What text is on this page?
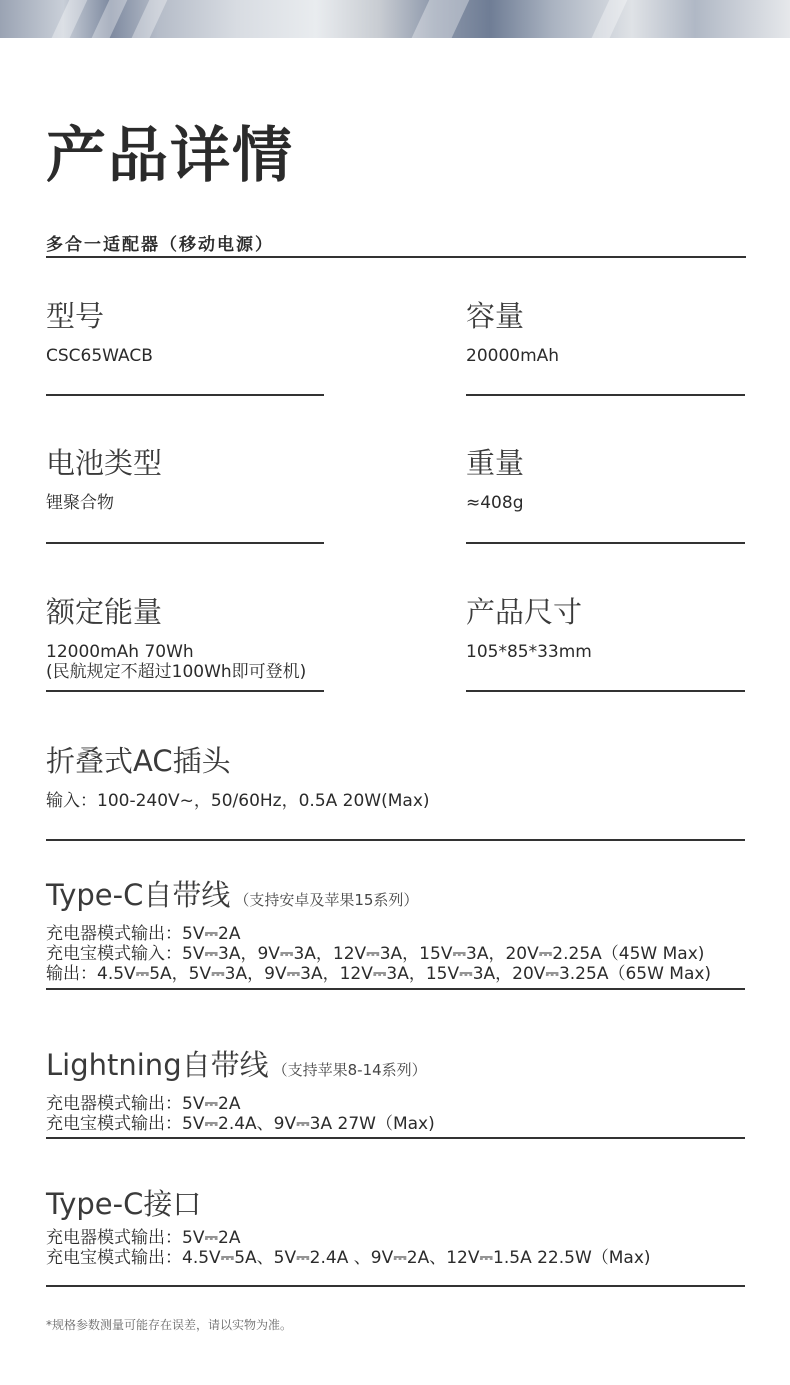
产品详情
多合一适配器（移动电源）
型号
CSC65WACB
容量
20000mAh
电池类型
锂聚合物
重量
≈408g
额定能量
12000mAh 70Wh
(民航规定不超过100Wh即可登机)
产品尺寸
105*85*33mm
折叠式AC插头
输入：100-240V~，50/60Hz，0.5A 20W(Max)
Type-C自带线 （支持安卓及苹果15系列）
充电器模式输出：5V⎓2A
充电宝模式输入：5V⎓3A，9V⎓3A，12V⎓3A，15V⎓3A，20V⎓2.25A（45W Max)
输出：4.5V⎓5A，5V⎓3A，9V⎓3A，12V⎓3A，15V⎓3A，20V⎓3.25A（65W Max)
Lightning自带线 （支持苹果8-14系列）
充电器模式输出：5V⎓2A
充电宝模式输出：5V⎓2.4A、9V⎓3A 27W（Max)
Type-C接口
充电器模式输出：5V⎓2A
充电宝模式输出：4.5V⎓5A、5V⎓2.4A 、9V⎓2A、12V⎓1.5A 22.5W（Max)
*规格参数测量可能存在误差，请以实物为准。
